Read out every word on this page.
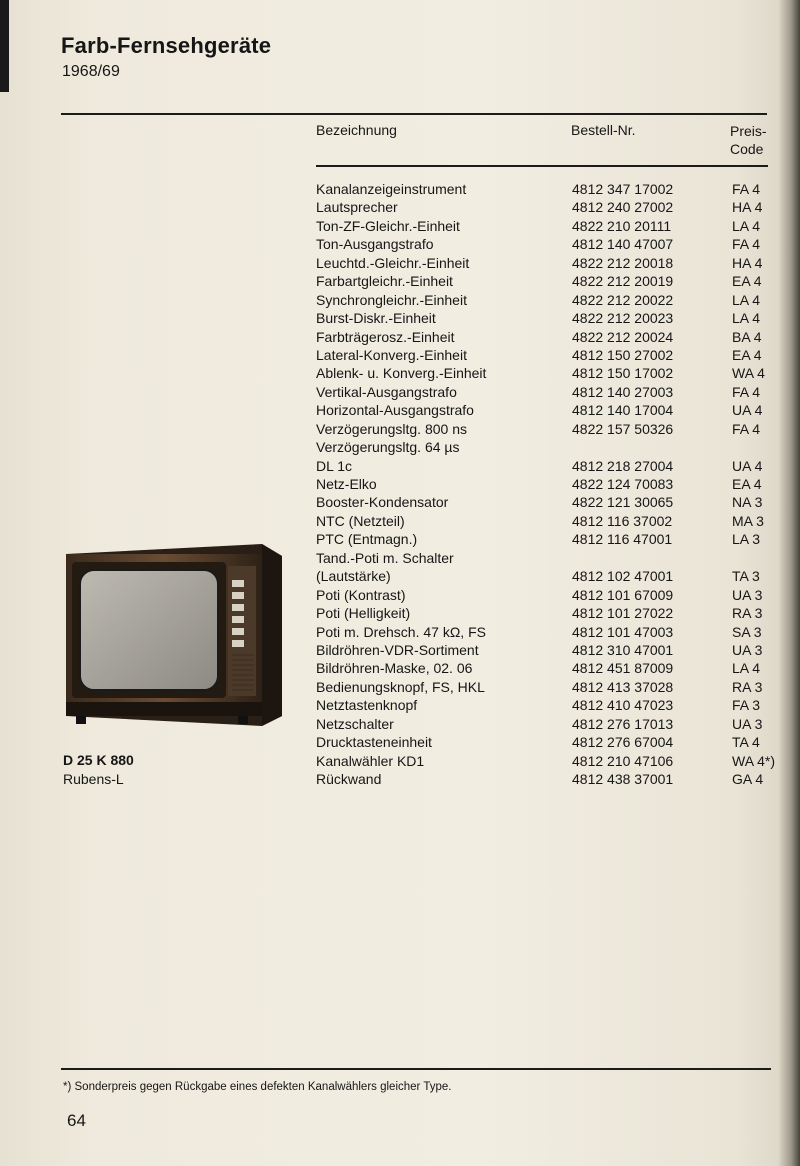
Farb-Fernsehgeräte
1968/69
Bezeichnung	Bestell-Nr.	Preis-
Code
Kanalanzeigeinstrument	4812 347 17002	FA 4
Lautsprecher	4812 240 27002	HA 4
Ton-ZF-Gleichr.-Einheit	4822 210 20111	LA 4
Ton-Ausgangstrafo	4812 140 47007	FA 4
Leuchtd.-Gleichr.-Einheit	4822 212 20018	HA 4
Farbartgleichr.-Einheit	4822 212 20019	EA 4
Synchrongleichr.-Einheit	4822 212 20022	LA 4
Burst-Diskr.-Einheit	4822 212 20023	LA 4
Farbträgerosz.-Einheit	4822 212 20024	BA 4
Lateral-Konverg.-Einheit	4812 150 27002	EA 4
Ablenk- u. Konverg.-Einheit	4812 150 17002	WA 4
Vertikal-Ausgangstrafo	4812 140 27003	FA 4
Horizontal-Ausgangstrafo	4812 140 17004	UA 4
Verzögerungsltg. 800 ns	4822 157 50326	FA 4
Verzögerungsltg. 64 µs
DL 1c	4812 218 27004	UA 4
Netz-Elko	4822 124 70083	EA 4
Booster-Kondensator	4822 121 30065	NA 3
NTC (Netzteil)	4812 116 37002	MA 3
PTC (Entmagn.)	4812 116 47001	LA 3
Tand.-Poti m. Schalter
(Lautstärke)	4812 102 47001	TA 3
Poti (Kontrast)	4812 101 67009	UA 3
Poti (Helligkeit)	4812 101 27022	RA 3
Poti m. Drehsch. 47 kΩ, FS	4812 101 47003	SA 3
Bildröhren-VDR-Sortiment	4812 310 47001	UA 3
Bildröhren-Maske, 02. 06	4812 451 87009	LA 4
Bedienungsknopf, FS, HKL	4812 413 37028	RA 3
Netztastenknopf	4812 410 47023	FA 3
Netzschalter	4812 276 17013	UA 3
Drucktasteneinheit	4812 276 67004	TA 4
Kanalwähler KD1	4812 210 47106	WA 4*)
Rückwand	4812 438 37001	GA 4
D 25 K 880
Rubens-L
*) Sonderpreis gegen Rückgabe eines defekten Kanalwählers gleicher Type.
64
